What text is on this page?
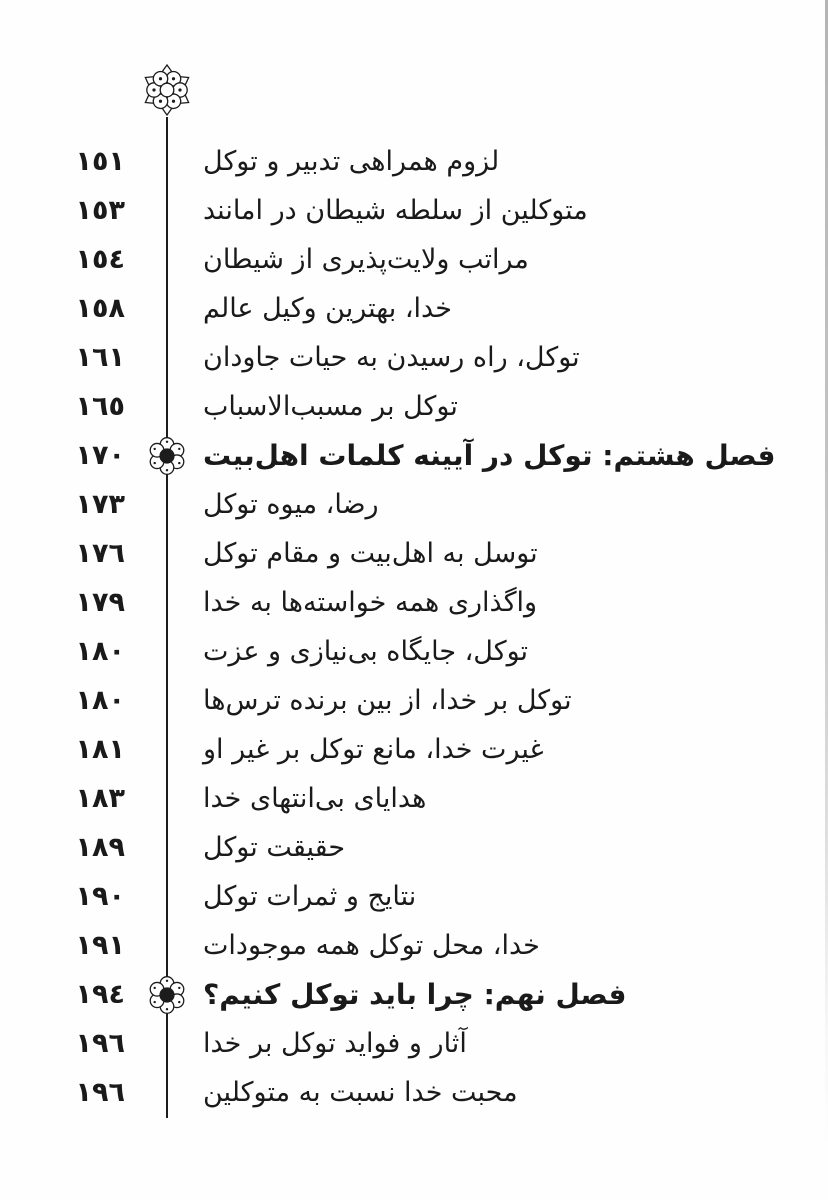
١٥١	لزوم همراهی تدبیر و توکل
١٥٣	متوکلین از سلطه شیطان در امانند
١٥٤	مراتب ولایت‌پذیری از شیطان
١٥٨	خدا، بهترین وکیل عالم
١٦١	توکل، راه رسیدن به حیات جاودان
١٦٥	توکل بر مسبب‌الاسباب
١٧٠	فصل هشتم: توکل در آیینه کلمات اهل‌بیت
١٧٣	رضا، میوه توکل
١٧٦	توسل به اهل‌بیت و مقام توکل
١٧٩	واگذاری همه خواسته‌ها به خدا
١٨٠	توکل، جایگاه بی‌نیازی و عزت
١٨٠	توکل بر خدا، از بین برنده ترس‌ها
١٨١	غیرت خدا، مانع توکل بر غیر او
١٨٣	هدایای بی‌انتهای خدا
١٨٩	حقیقت توکل
١٩٠	نتایج و ثمرات توکل
١٩١	خدا، محل توکل همه موجودات
١٩٤	فصل نهم: چرا باید توکل کنیم؟
١٩٦	آثار و فواید توکل بر خدا
١٩٦	محبت خدا نسبت به متوکلین
